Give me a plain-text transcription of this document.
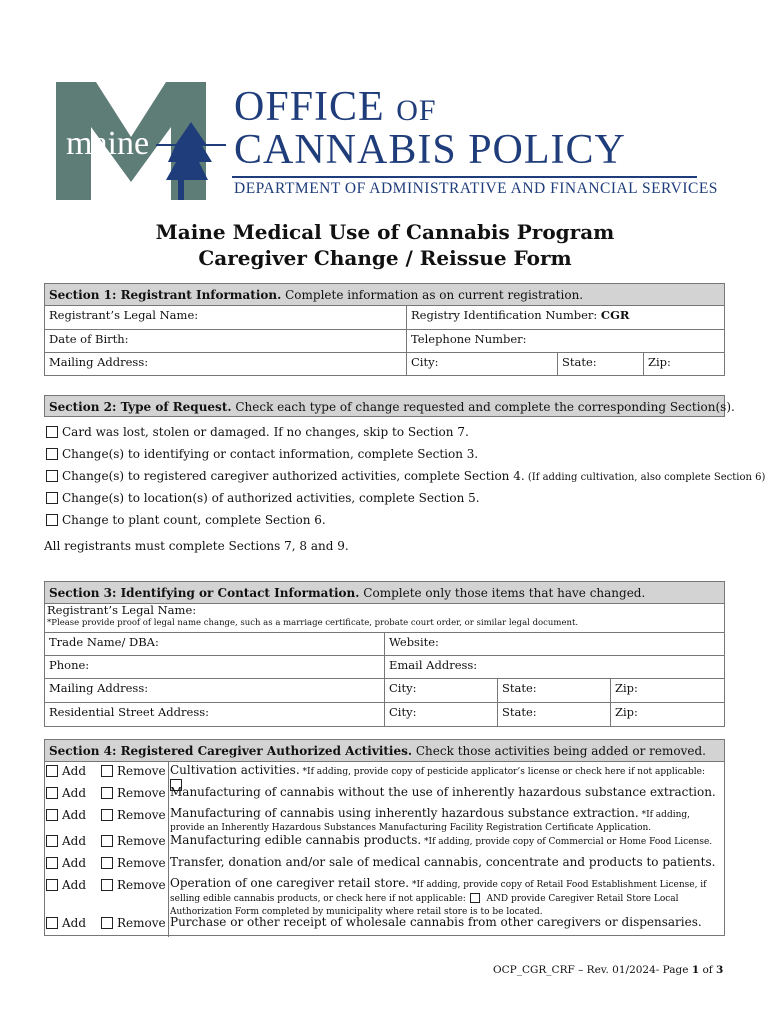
maine
OFFICE OF
CANNABIS POLICY
DEPARTMENT OF ADMINISTRATIVE AND FINANCIAL SERVICES
Maine Medical Use of Cannabis Program
Caregiver Change / Reissue Form
Section 1: Registrant Information. Complete information as on current registration.
Registrant’s Legal Name:	Registry Identification Number: CGR
Date of Birth:	Telephone Number:
Mailing Address:	City:	State:	Zip:
Section 2: Type of Request. Check each type of change requested and complete the corresponding Section(s).
Card was lost, stolen or damaged. If no changes, skip to Section 7.
Change(s) to identifying or contact information, complete Section 3.
Change(s) to registered caregiver authorized activities, complete Section 4. (If adding cultivation, also complete Section 6)
Change(s) to location(s) of authorized activities, complete Section 5.
Change to plant count, complete Section 6.
All registrants must complete Sections 7, 8 and 9.
Section 3: Identifying or Contact Information. Complete only those items that have changed.
Registrant’s Legal Name:
*Please provide proof of legal name change, such as a marriage certificate, probate court order, or similar legal document.
Trade Name/ DBA:	Website:
Phone:	Email Address:
Mailing Address:	City:	State:	Zip:
Residential Street Address:	City:	State:	Zip:
Section 4: Registered Caregiver Authorized Activities. Check those activities being added or removed.
Add	Remove Cultivation activities. *If adding, provide copy of pesticide applicator’s license or check here if not applicable:
Add	Remove Manufacturing of cannabis without the use of inherently hazardous substance extraction.
Add	Remove Manufacturing of cannabis using inherently hazardous substance extraction. *If adding, provide an Inherently Hazardous Substances Manufacturing Facility Registration Certificate Application.
Add	Remove Manufacturing edible cannabis products. *If adding, provide copy of Commercial or Home Food License.
Add	Remove Transfer, donation and/or sale of medical cannabis, concentrate and products to patients.
Add	Remove Operation of one caregiver retail store. *If adding, provide copy of Retail Food Establishment License, if selling edible cannabis products, or check here if not applicable:  AND provide Caregiver Retail Store Local Authorization Form completed by municipality where retail store is to be located.
Add	Remove Purchase or other receipt of wholesale cannabis from other caregivers or dispensaries.
OCP_CGR_CRF – Rev. 01/2024- Page 1 of 3
